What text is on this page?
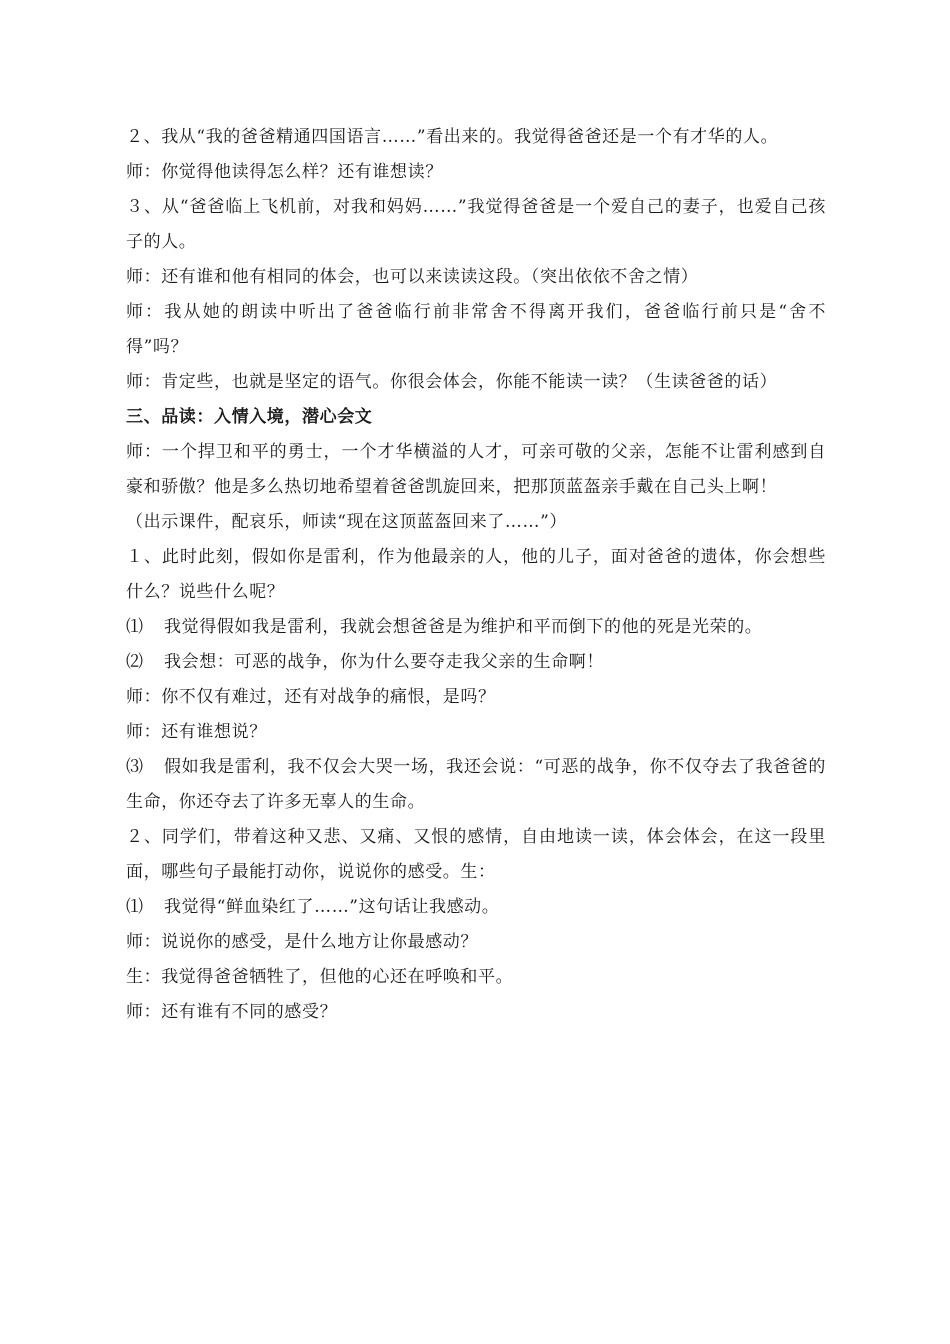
２、我从“我的爸爸精通四国语言……”看出来的。我觉得爸爸还是一个有才华的人。

师：你觉得他读得怎么样？还有谁想读？

３、从“爸爸临上飞机前，对我和妈妈……”我觉得爸爸是一个爱自己的妻子，也爱自己孩子的人。

师：还有谁和他有相同的体会，也可以来读读这段。（突出依依不舍之情）

师：我从她的朗读中听出了爸爸临行前非常舍不得离开我们，爸爸临行前只是“舍不得”吗？

师：肯定些，也就是坚定的语气。你很会体会，你能不能读一读？（生读爸爸的话）

三、品读：入情入境，潜心会文

师：一个捍卫和平的勇士，一个才华横溢的人才，可亲可敬的父亲，怎能不让雷利感到自豪和骄傲？他是多么热切地希望着爸爸凯旋回来，把那顶蓝盔亲手戴在自己头上啊！

（出示课件，配哀乐，师读“现在这顶蓝盔回来了……”）

１、此时此刻，假如你是雷利，作为他最亲的人，他的儿子，面对爸爸的遗体，你会想些什么？说些什么呢？

⑴ 我觉得假如我是雷利，我就会想爸爸是为维护和平而倒下的他的死是光荣的。

⑵ 我会想：可恶的战争，你为什么要夺走我父亲的生命啊！

师：你不仅有难过，还有对战争的痛恨，是吗？

师：还有谁想说？

⑶ 假如我是雷利，我不仅会大哭一场，我还会说：“可恶的战争，你不仅夺去了我爸爸的生命，你还夺去了许多无辜人的生命。

２、同学们，带着这种又悲、又痛、又恨的感情，自由地读一读，体会体会，在这一段里面，哪些句子最能打动你，说说你的感受。生：

⑴ 我觉得“鲜血染红了……”这句话让我感动。

师：说说你的感受，是什么地方让你最感动？

生：我觉得爸爸牺牲了，但他的心还在呼唤和平。

师：还有谁有不同的感受？
